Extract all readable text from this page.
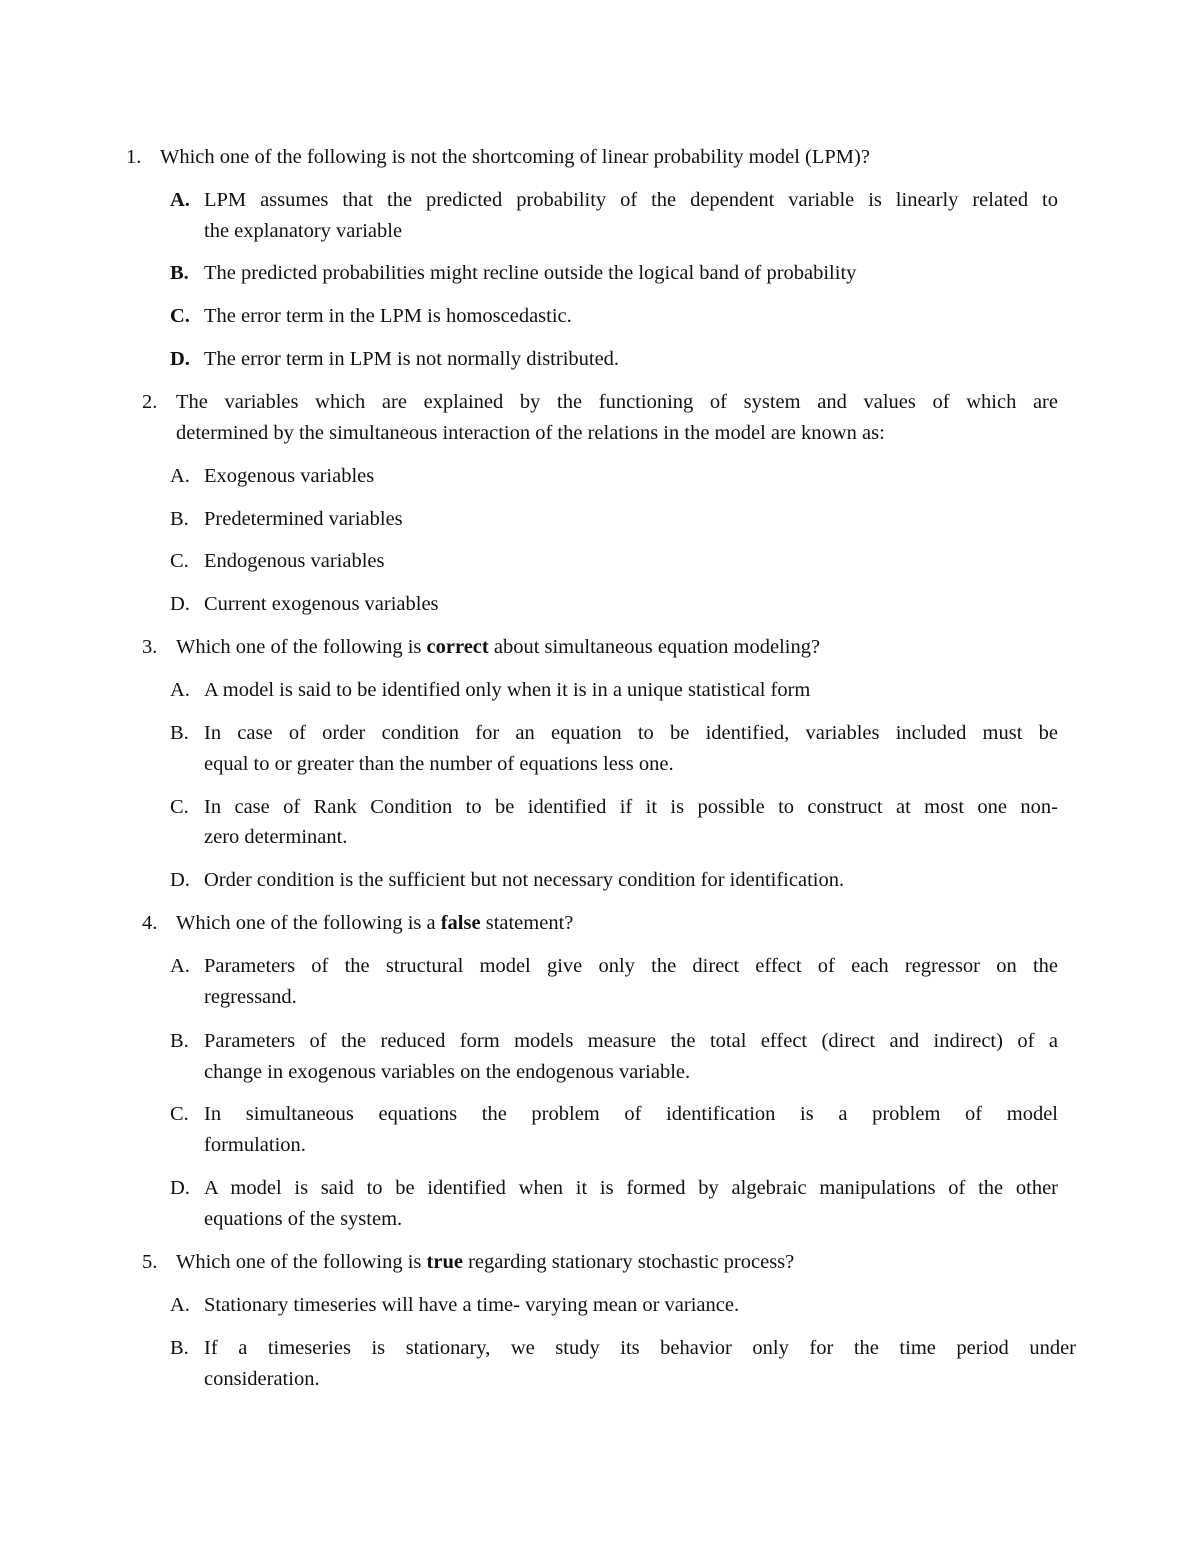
1. Which one of the following is not the shortcoming of linear probability model (LPM)?
A. LPM assumes that the predicted probability of the dependent variable is linearly related to
the explanatory variable
B. The predicted probabilities might recline outside the logical band of probability
C. The error term in the LPM is homoscedastic.
D. The error term in LPM is not normally distributed.
2. The variables which are explained by the functioning of system and values of which are
determined by the simultaneous interaction of the relations in the model are known as:
A. Exogenous variables
B. Predetermined variables
C. Endogenous variables
D. Current exogenous variables
3. Which one of the following is correct about simultaneous equation modeling?
A. A model is said to be identified only when it is in a unique statistical form
B. In case of order condition for an equation to be identified, variables included must be
equal to or greater than the number of equations less one.
C. In case of Rank Condition to be identified if it is possible to construct at most one non-
zero determinant.
D. Order condition is the sufficient but not necessary condition for identification.
4. Which one of the following is a false statement?
A. Parameters of the structural model give only the direct effect of each regressor on the
regressand.
B. Parameters of the reduced form models measure the total effect (direct and indirect) of a
change in exogenous variables on the endogenous variable.
C. In simultaneous equations the problem of identification is a problem of model
formulation.
D. A model is said to be identified when it is formed by algebraic manipulations of the other
equations of the system.
5. Which one of the following is true regarding stationary stochastic process?
A. Stationary timeseries will have a time- varying mean or variance.
B. If a timeseries is stationary, we study its behavior only for the time period under
consideration.
